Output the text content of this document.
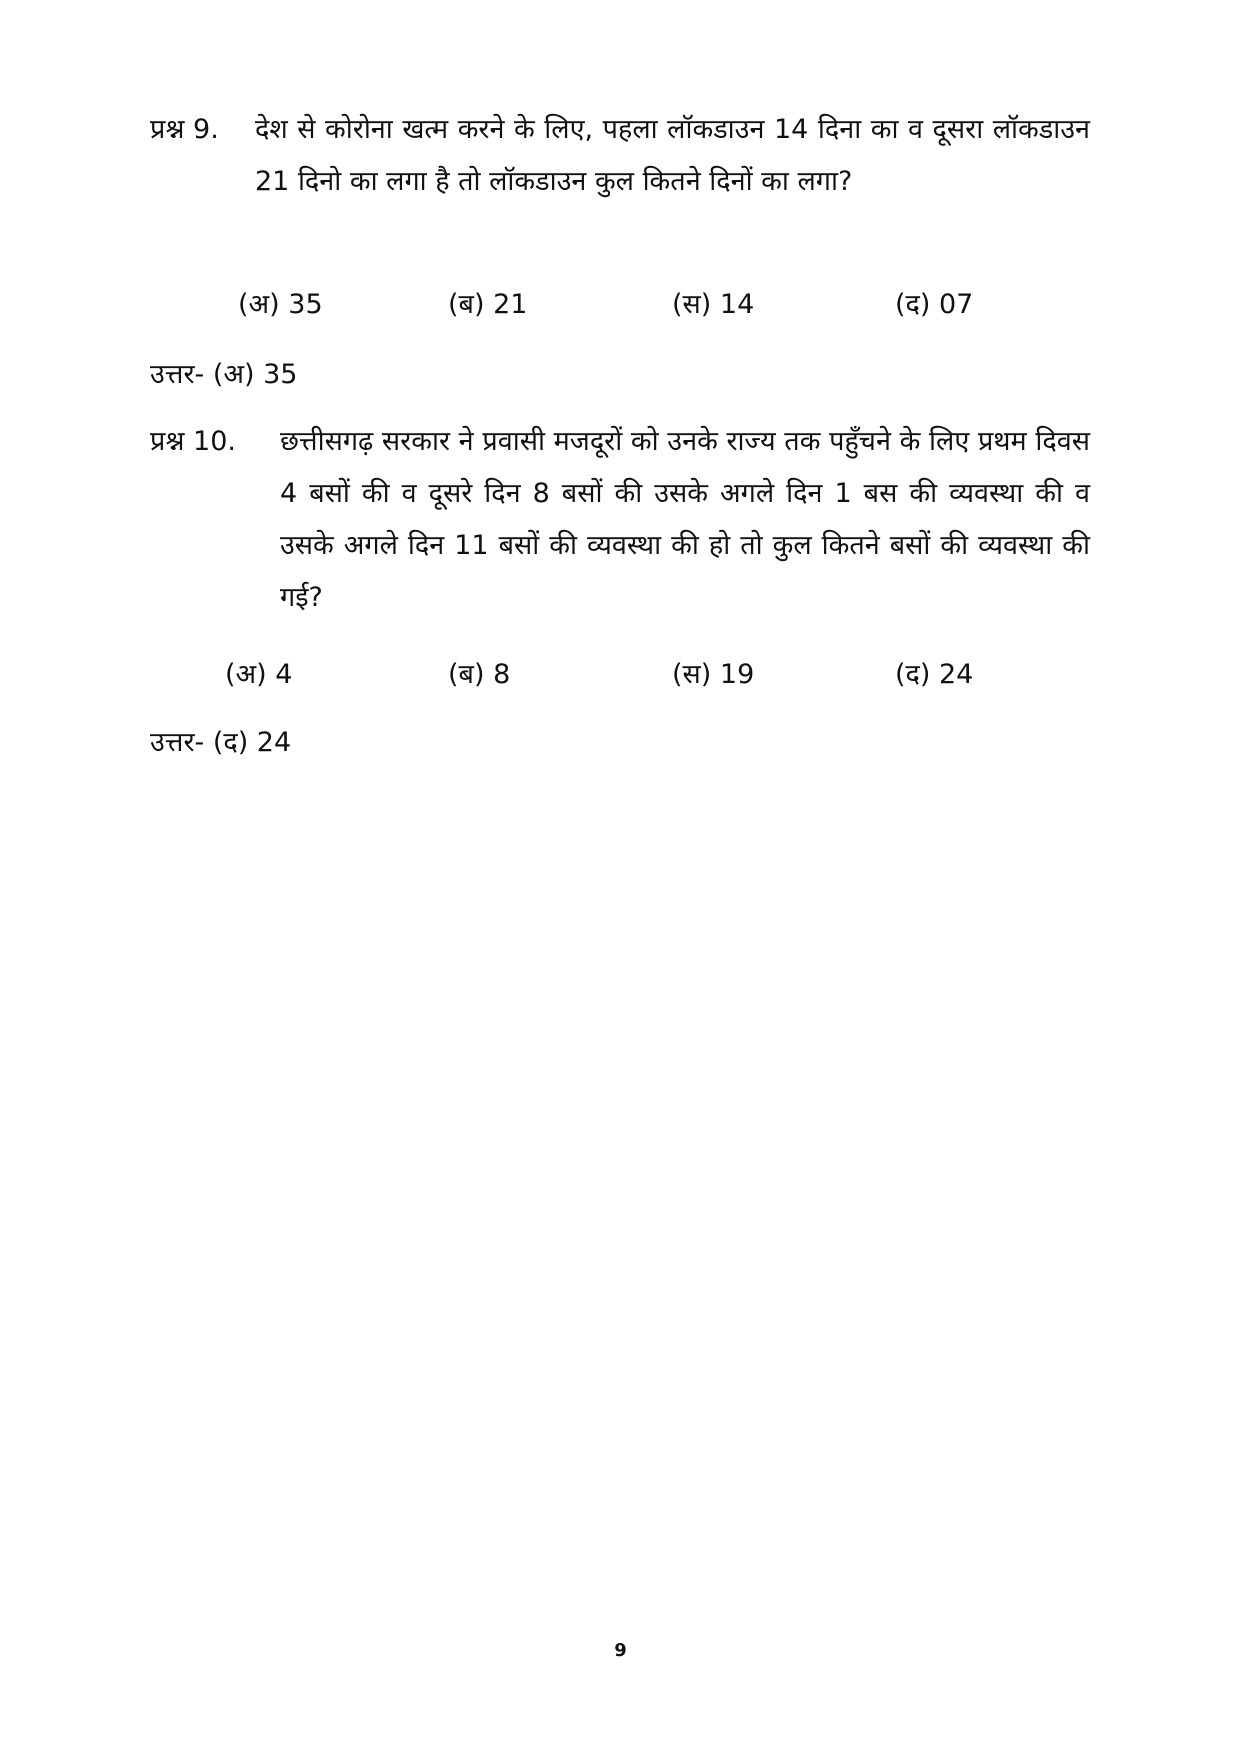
प्रश्न 9. देश से कोरोना खत्म करने के लिए, पहला लॉकडाउन 14 दिना का व दूसरा लॉकडाउन 21 दिनो का लगा है तो लॉकडाउन कुल कितने दिनों का लगा?
(अ) 35	(ब) 21	(स) 14	(द) 07
उत्तर- (अ) 35
प्रश्न 10. छत्तीसगढ़ सरकार ने प्रवासी मजदूरों को उनके राज्य तक पहुँचने के लिए प्रथम दिवस 4 बसों की व दूसरे दिन 8 बसों की उसके अगले दिन 1 बस की व्यवस्था की व उसके अगले दिन 11 बसों की व्यवस्था की हो तो कुल कितने बसों की व्यवस्था की गई?
(अ) 4	(ब) 8	(स) 19	(द) 24
उत्तर- (द) 24
9
